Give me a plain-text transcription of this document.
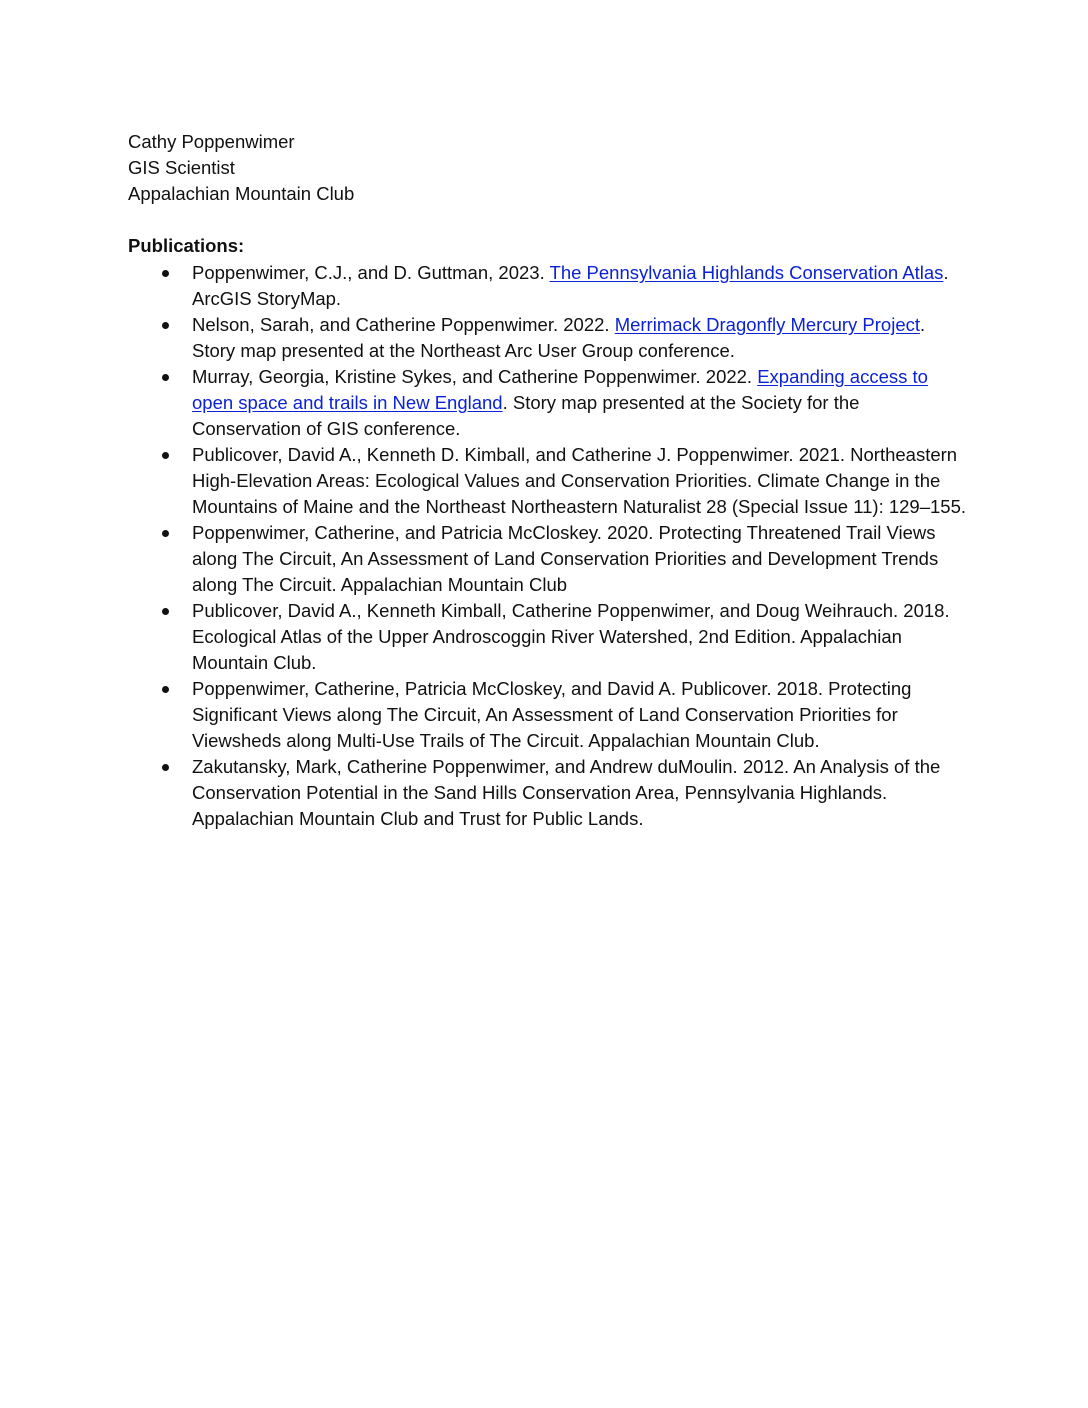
Cathy Poppenwimer
GIS Scientist
Appalachian Mountain Club
Publications:
Poppenwimer, C.J., and D. Guttman, 2023. The Pennsylvania Highlands Conservation Atlas. ArcGIS StoryMap.
Nelson, Sarah, and Catherine Poppenwimer. 2022. Merrimack Dragonfly Mercury Project. Story map presented at the Northeast Arc User Group conference.
Murray, Georgia, Kristine Sykes, and Catherine Poppenwimer. 2022. Expanding access to open space and trails in New England. Story map presented at the Society for the Conservation of GIS conference.
Publicover, David A., Kenneth D. Kimball, and Catherine J. Poppenwimer. 2021. Northeastern High-Elevation Areas: Ecological Values and Conservation Priorities. Climate Change in the Mountains of Maine and the Northeast Northeastern Naturalist 28 (Special Issue 11): 129–155.
Poppenwimer, Catherine, and Patricia McCloskey. 2020. Protecting Threatened Trail Views along The Circuit, An Assessment of Land Conservation Priorities and Development Trends along The Circuit. Appalachian Mountain Club
Publicover, David A., Kenneth Kimball, Catherine Poppenwimer, and Doug Weihrauch. 2018. Ecological Atlas of the Upper Androscoggin River Watershed, 2nd Edition. Appalachian Mountain Club.
Poppenwimer, Catherine, Patricia McCloskey, and David A. Publicover. 2018. Protecting Significant Views along The Circuit, An Assessment of Land Conservation Priorities for Viewsheds along Multi-Use Trails of The Circuit. Appalachian Mountain Club.
Zakutansky, Mark, Catherine Poppenwimer, and Andrew duMoulin. 2012. An Analysis of the Conservation Potential in the Sand Hills Conservation Area, Pennsylvania Highlands. Appalachian Mountain Club and Trust for Public Lands.
